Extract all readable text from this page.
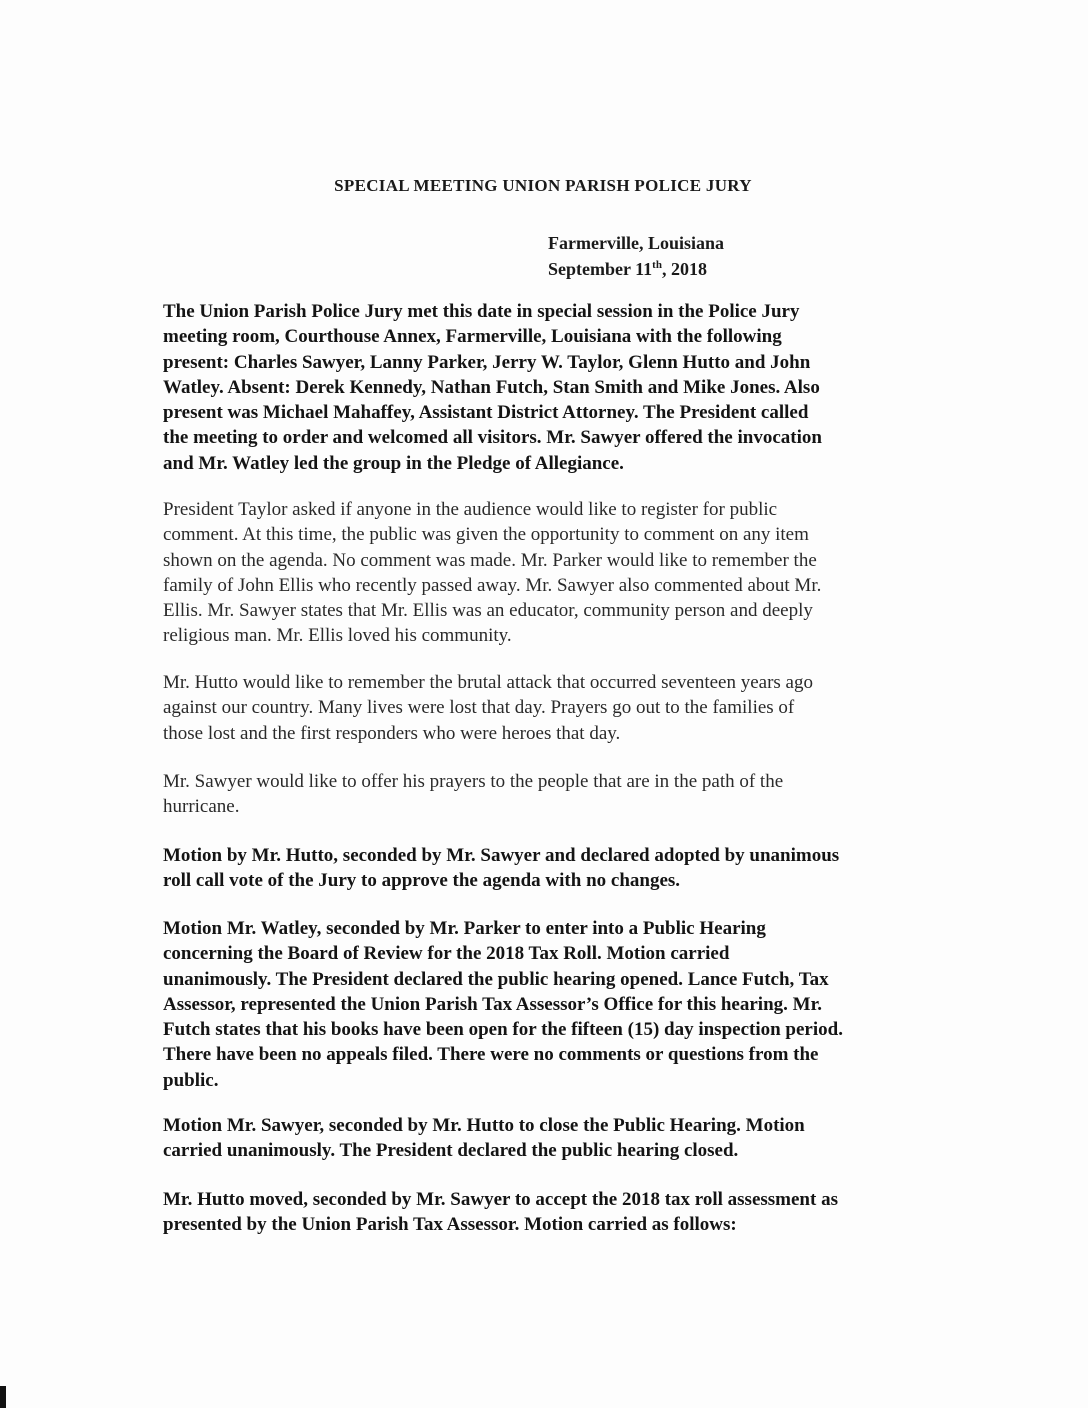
SPECIAL MEETING UNION PARISH POLICE JURY
Farmerville, Louisiana
September 11th, 2018
The Union Parish Police Jury met this date in special session in the Police Jury
meeting room, Courthouse Annex, Farmerville, Louisiana with the following
present: Charles Sawyer, Lanny Parker, Jerry W. Taylor, Glenn Hutto and John
Watley. Absent: Derek Kennedy, Nathan Futch, Stan Smith and Mike Jones. Also
present was Michael Mahaffey, Assistant District Attorney. The President called
the meeting to order and welcomed all visitors. Mr. Sawyer offered the invocation
and Mr. Watley led the group in the Pledge of Allegiance.
President Taylor asked if anyone in the audience would like to register for public
comment. At this time, the public was given the opportunity to comment on any item
shown on the agenda. No comment was made. Mr. Parker would like to remember the
family of John Ellis who recently passed away. Mr. Sawyer also commented about Mr.
Ellis. Mr. Sawyer states that Mr. Ellis was an educator, community person and deeply
religious man. Mr. Ellis loved his community.
Mr. Hutto would like to remember the brutal attack that occurred seventeen years ago
against our country. Many lives were lost that day. Prayers go out to the families of
those lost and the first responders who were heroes that day.
Mr. Sawyer would like to offer his prayers to the people that are in the path of the
hurricane.
Motion by Mr. Hutto, seconded by Mr. Sawyer and declared adopted by unanimous
roll call vote of the Jury to approve the agenda with no changes.
Motion Mr. Watley, seconded by Mr. Parker to enter into a Public Hearing
concerning the Board of Review for the 2018 Tax Roll. Motion carried
unanimously. The President declared the public hearing opened. Lance Futch, Tax
Assessor, represented the Union Parish Tax Assessor’s Office for this hearing. Mr.
Futch states that his books have been open for the fifteen (15) day inspection period.
There have been no appeals filed. There were no comments or questions from the
public.
Motion Mr. Sawyer, seconded by Mr. Hutto to close the Public Hearing. Motion
carried unanimously. The President declared the public hearing closed.
Mr. Hutto moved, seconded by Mr. Sawyer to accept the 2018 tax roll assessment as
presented by the Union Parish Tax Assessor. Motion carried as follows:
